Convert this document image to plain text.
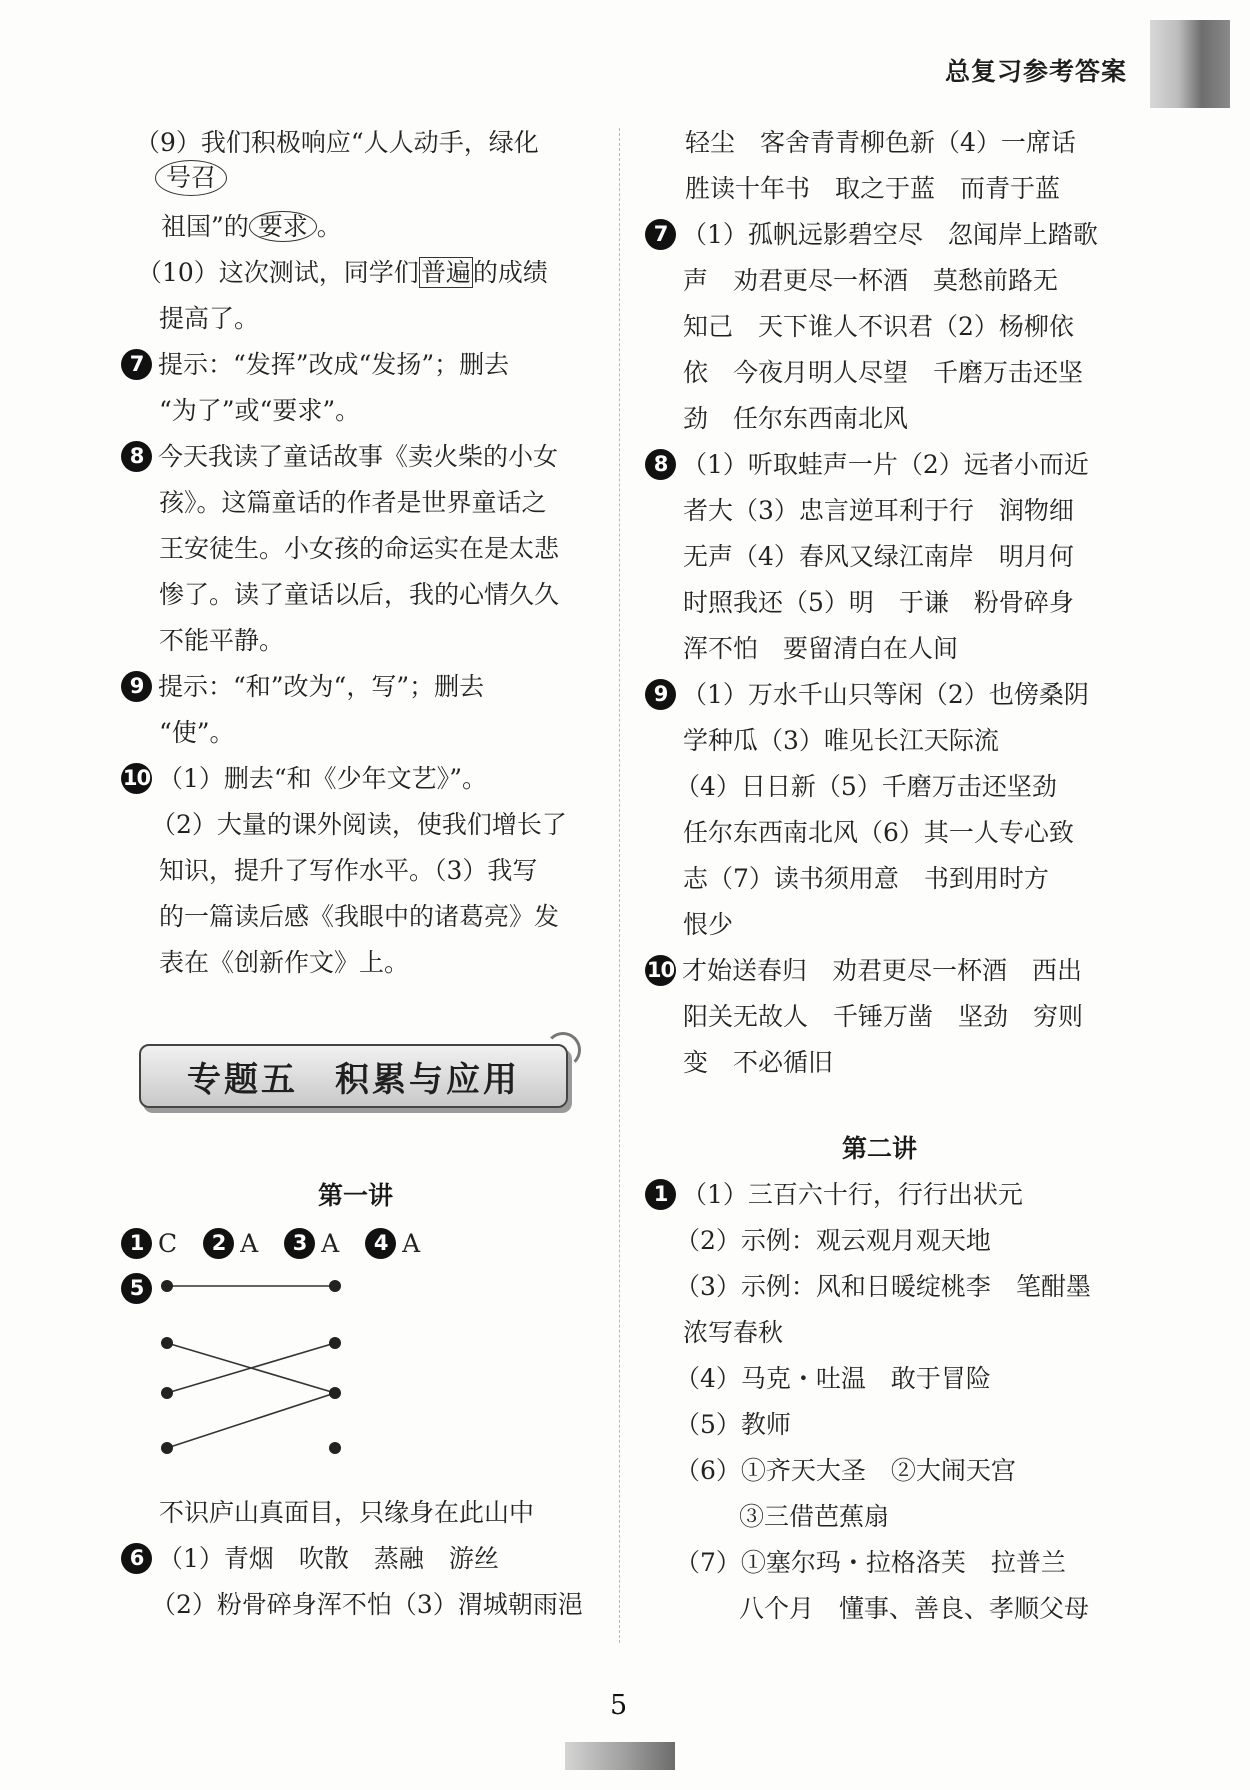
总复习参考答案
号召
（9）我们积极响应“人人动手，绿化
祖国”的 要求 。
（10）这次测试，同学们普遍的成绩
提高了。
7 提示：“发挥”改成“发扬”；删去
“为了”或“要求”。
8 今天我读了童话故事《卖火柴的小女
孩》。这篇童话的作者是世界童话之
王安徒生。小女孩的命运实在是太悲
惨了。读了童话以后，我的心情久久
不能平静。
9 提示：“和”改为“，写”；删去
“使”。
10 （1）删去“和《少年文艺》”。
（2）大量的课外阅读，使我们增长了
知识，提升了写作水平。（3）我写
的一篇读后感《我眼中的诸葛亮》发
表在《创新作文》上。
专题五　积累与应用
第一讲
1 C 2 A 3 A 4 A
5
不识庐山真面目，只缘身在此山中
6 （1）青烟　吹散　蒸融　游丝
（2）粉骨碎身浑不怕（3）渭城朝雨浥
轻尘　客舍青青柳色新（4）一席话
胜读十年书　取之于蓝　而青于蓝
7 （1）孤帆远影碧空尽　忽闻岸上踏歌
声　劝君更尽一杯酒　莫愁前路无
知己　天下谁人不识君（2）杨柳依
依　今夜月明人尽望　千磨万击还坚
劲　任尔东西南北风
8 （1）听取蛙声一片（2）远者小而近
者大（3）忠言逆耳利于行　润物细
无声（4）春风又绿江南岸　明月何
时照我还（5）明　于谦　粉骨碎身
浑不怕　要留清白在人间
9 （1）万水千山只等闲（2）也傍桑阴
学种瓜（3）唯见长江天际流
（4）日日新（5）千磨万击还坚劲
任尔东西南北风（6）其一人专心致
志（7）读书须用意　书到用时方
恨少
10 才始送春归　劝君更尽一杯酒　西出
阳关无故人　千锤万凿　坚劲　穷则
变　不必循旧
第二讲
1 （1）三百六十行，行行出状元
（2）示例：观云观月观天地
（3）示例：风和日暖绽桃李　笔酣墨
浓写春秋
（4）马克・吐温　敢于冒险
（5）教师
（6）①齐天大圣　②大闹天宫
③三借芭蕉扇
（7）①塞尔玛・拉格洛芙　拉普兰
八个月　懂事、善良、孝顺父母
5
